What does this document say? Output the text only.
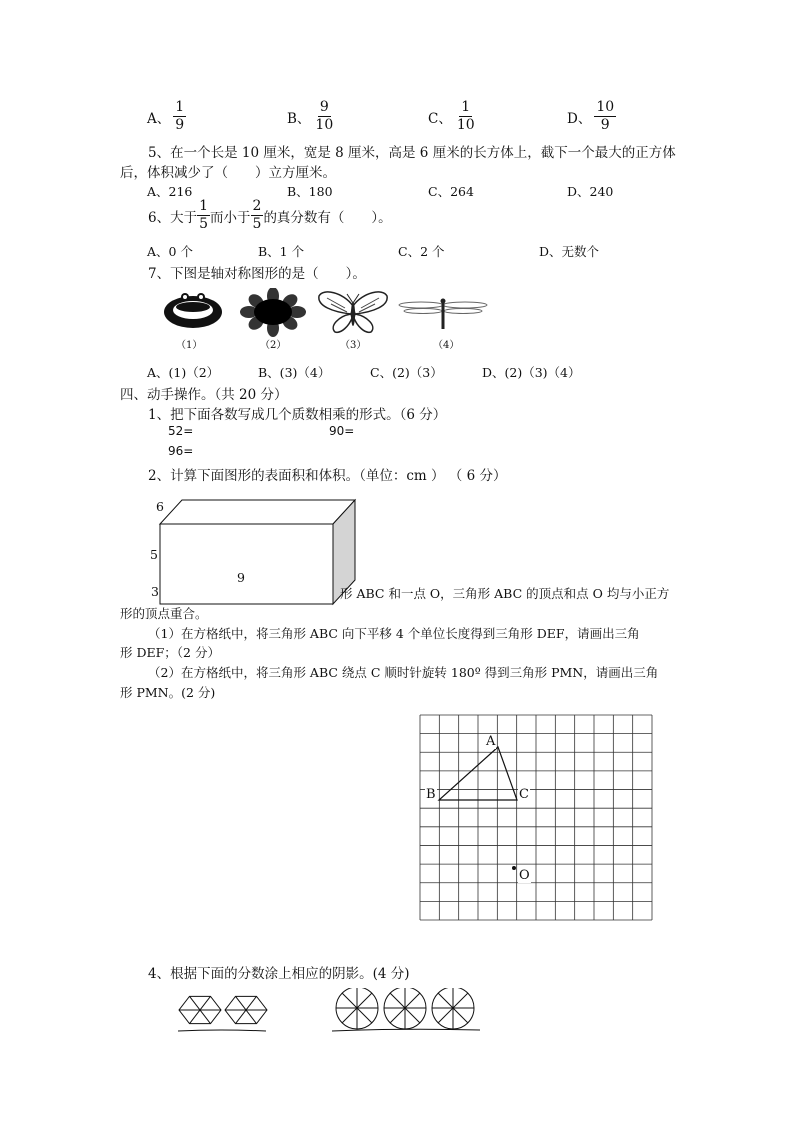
A、 $\frac{1}{9}$	B、 $\frac{9}{10}$	C、 $\frac{1}{10}$	D、 $\frac{10}{9}$
5、在一个长是 10 厘米，宽是 8 厘米，高是 6 厘米的长方体上，截下一个最大的正方体
后，体积减少了（　　）立方厘米。
A、216	B、180	C、264	D、240
6、大于 $\frac{1}{5}$ 而小于 $\frac{2}{5}$ 的真分数有（　　）。
A、0 个	B、1 个	C、2 个	D、无数个
7、下图是轴对称图形的是（　　）。
（1）	（2）	（3）	（4）
A、(1)（2）	B、(3)（4）	C、(2)（3）	D、(2)（3)（4）
四、动手操作。（共 20 分）
1、把下面各数写成几个质数相乘的形式。（6 分）
52=	90=
96=
2、计算下面图形的表面积和体积。（单位：cm ） （ 6 分）
6
5
9
3	形 ABC 和一点 O，三角形 ABC 的顶点和点 O 均与小正方
形的顶点重合。
（1）在方格纸中，将三角形 ABC 向下平移 4 个单位长度得到三角形 DEF，请画出三角
形 DEF；（2 分）
（2）在方格纸中，将三角形 ABC 绕点 C 顺时针旋转 180º 得到三角形 PMN，请画出三角
形 PMN。(2 分)
A
B	C
O
4、根据下面的分数涂上相应的阴影。(4 分)
